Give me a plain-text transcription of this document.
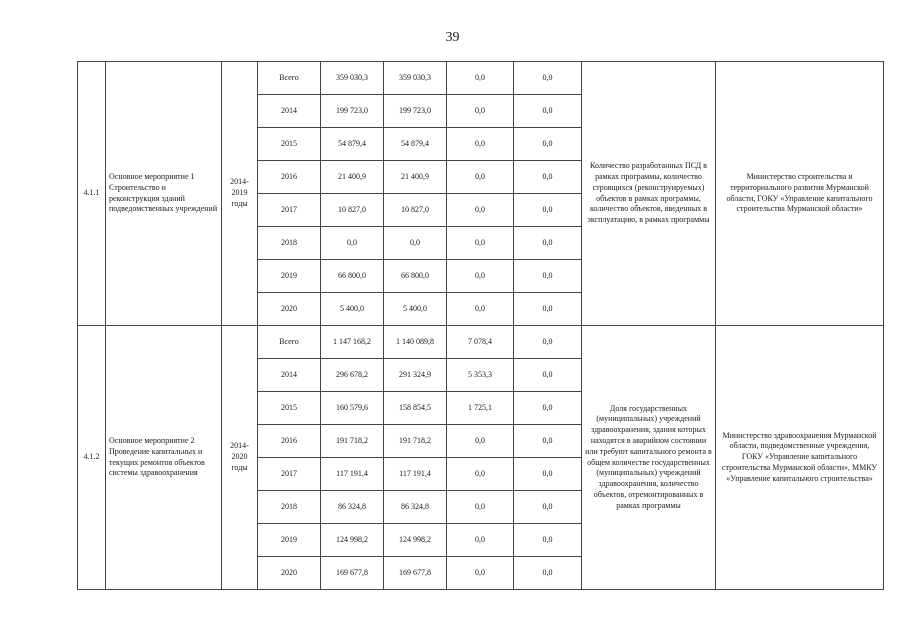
39
4.1.1	Основное мероприятие 1 Строительство и реконструкция зданий подведомственных учреждений	2014-2019 годы	Всего	359 030,3	359 030,3	0,0	0,0	Количество разработанных ПСД в рамках программы, количество строящихся (реконструируемых) объектов в рамках программы, количество объектов, введенных в эксплуатацию, в рамках программы	Министерство строительства и территориального развития Мурманской области, ГОКУ «Управление капитального строительства Мурманской области»
			2014	199 723,0	199 723,0	0,0	0,0		
			2015	54 879,4	54 879,4	0,0	0,0		
			2016	21 400,9	21 400,9	0,0	0,0		
			2017	10 827,0	10 827,0	0,0	0,0		
			2018	0,0	0,0	0,0	0,0		
			2019	66 800,0	66 800,0	0,0	0,0		
			2020	5 400,0	5 400,0	0,0	0,0		
4.1.2	Основное мероприятие 2 Проведение капитальных и текущих ремонтов объектов системы здравоохранения	2014-2020 годы	Всего	1 147 168,2	1 140 089,8	7 078,4	0,0	Доля государственных (муниципальных) учреждений здравоохранения, здания которых находятся в аварийном состоянии или требуют капитального ремонта в общем количестве государственных (муниципальных) учреждений здравоохранения, количество объектов, отремонтированных в рамках программы	Министерство здравоохранения Мурманской области, подведомственные учреждения, ГОКУ «Управление капитального строительства Мурманской области», ММКУ «Управление капитального строительства»
			2014	296 678,2	291 324,9	5 353,3	0,0		
			2015	160 579,6	158 854,5	1 725,1	0,0		
			2016	191 718,2	191 718,2	0,0	0,0		
			2017	117 191,4	117 191,4	0,0	0,0		
			2018	86 324,8	86 324,8	0,0	0,0		
			2019	124 998,2	124 998,2	0,0	0,0		
			2020	169 677,8	169 677,8	0,0	0,0		
